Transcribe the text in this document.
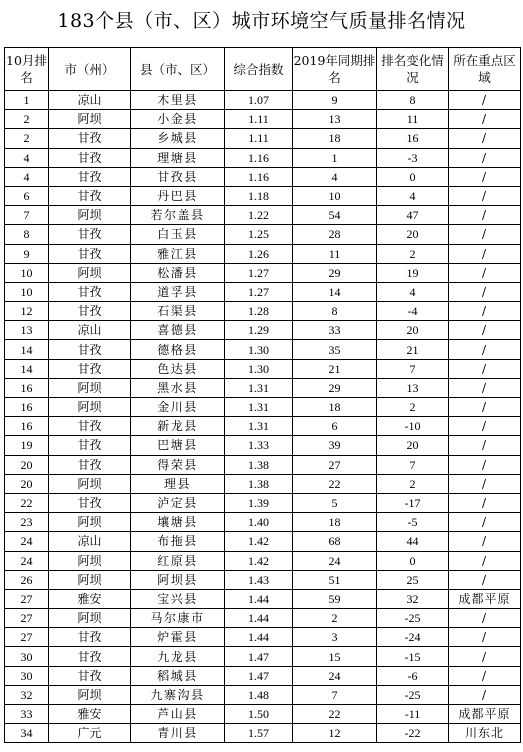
183个县（市、区）城市环境空气质量排名情况
10月排名	市（州）	县（市、区）	综合指数	2019年同期排名	排名变化情况	所在重点区域
1	凉山	木里县	1.07	9	8	/
2	阿坝	小金县	1.11	13	11	/
2	甘孜	乡城县	1.11	18	16	/
4	甘孜	理塘县	1.16	1	-3	/
4	甘孜	甘孜县	1.16	4	0	/
6	甘孜	丹巴县	1.18	10	4	/
7	阿坝	若尔盖县	1.22	54	47	/
8	甘孜	白玉县	1.25	28	20	/
9	甘孜	雅江县	1.26	11	2	/
10	阿坝	松潘县	1.27	29	19	/
10	甘孜	道孚县	1.27	14	4	/
12	甘孜	石渠县	1.28	8	-4	/
13	凉山	喜德县	1.29	33	20	/
14	甘孜	德格县	1.30	35	21	/
14	甘孜	色达县	1.30	21	7	/
16	阿坝	黑水县	1.31	29	13	/
16	阿坝	金川县	1.31	18	2	/
16	甘孜	新龙县	1.31	6	-10	/
19	甘孜	巴塘县	1.33	39	20	/
20	甘孜	得荣县	1.38	27	7	/
20	阿坝	理县	1.38	22	2	/
22	甘孜	泸定县	1.39	5	-17	/
23	阿坝	壤塘县	1.40	18	-5	/
24	凉山	布拖县	1.42	68	44	/
24	阿坝	红原县	1.42	24	0	/
26	阿坝	阿坝县	1.43	51	25	/
27	雅安	宝兴县	1.44	59	32	成都平原
27	阿坝	马尔康市	1.44	2	-25	/
27	甘孜	炉霍县	1.44	3	-24	/
30	甘孜	九龙县	1.47	15	-15	/
30	甘孜	稻城县	1.47	24	-6	/
32	阿坝	九寨沟县	1.48	7	-25	/
33	雅安	芦山县	1.50	22	-11	成都平原
34	广元	青川县	1.57	12	-22	川东北
